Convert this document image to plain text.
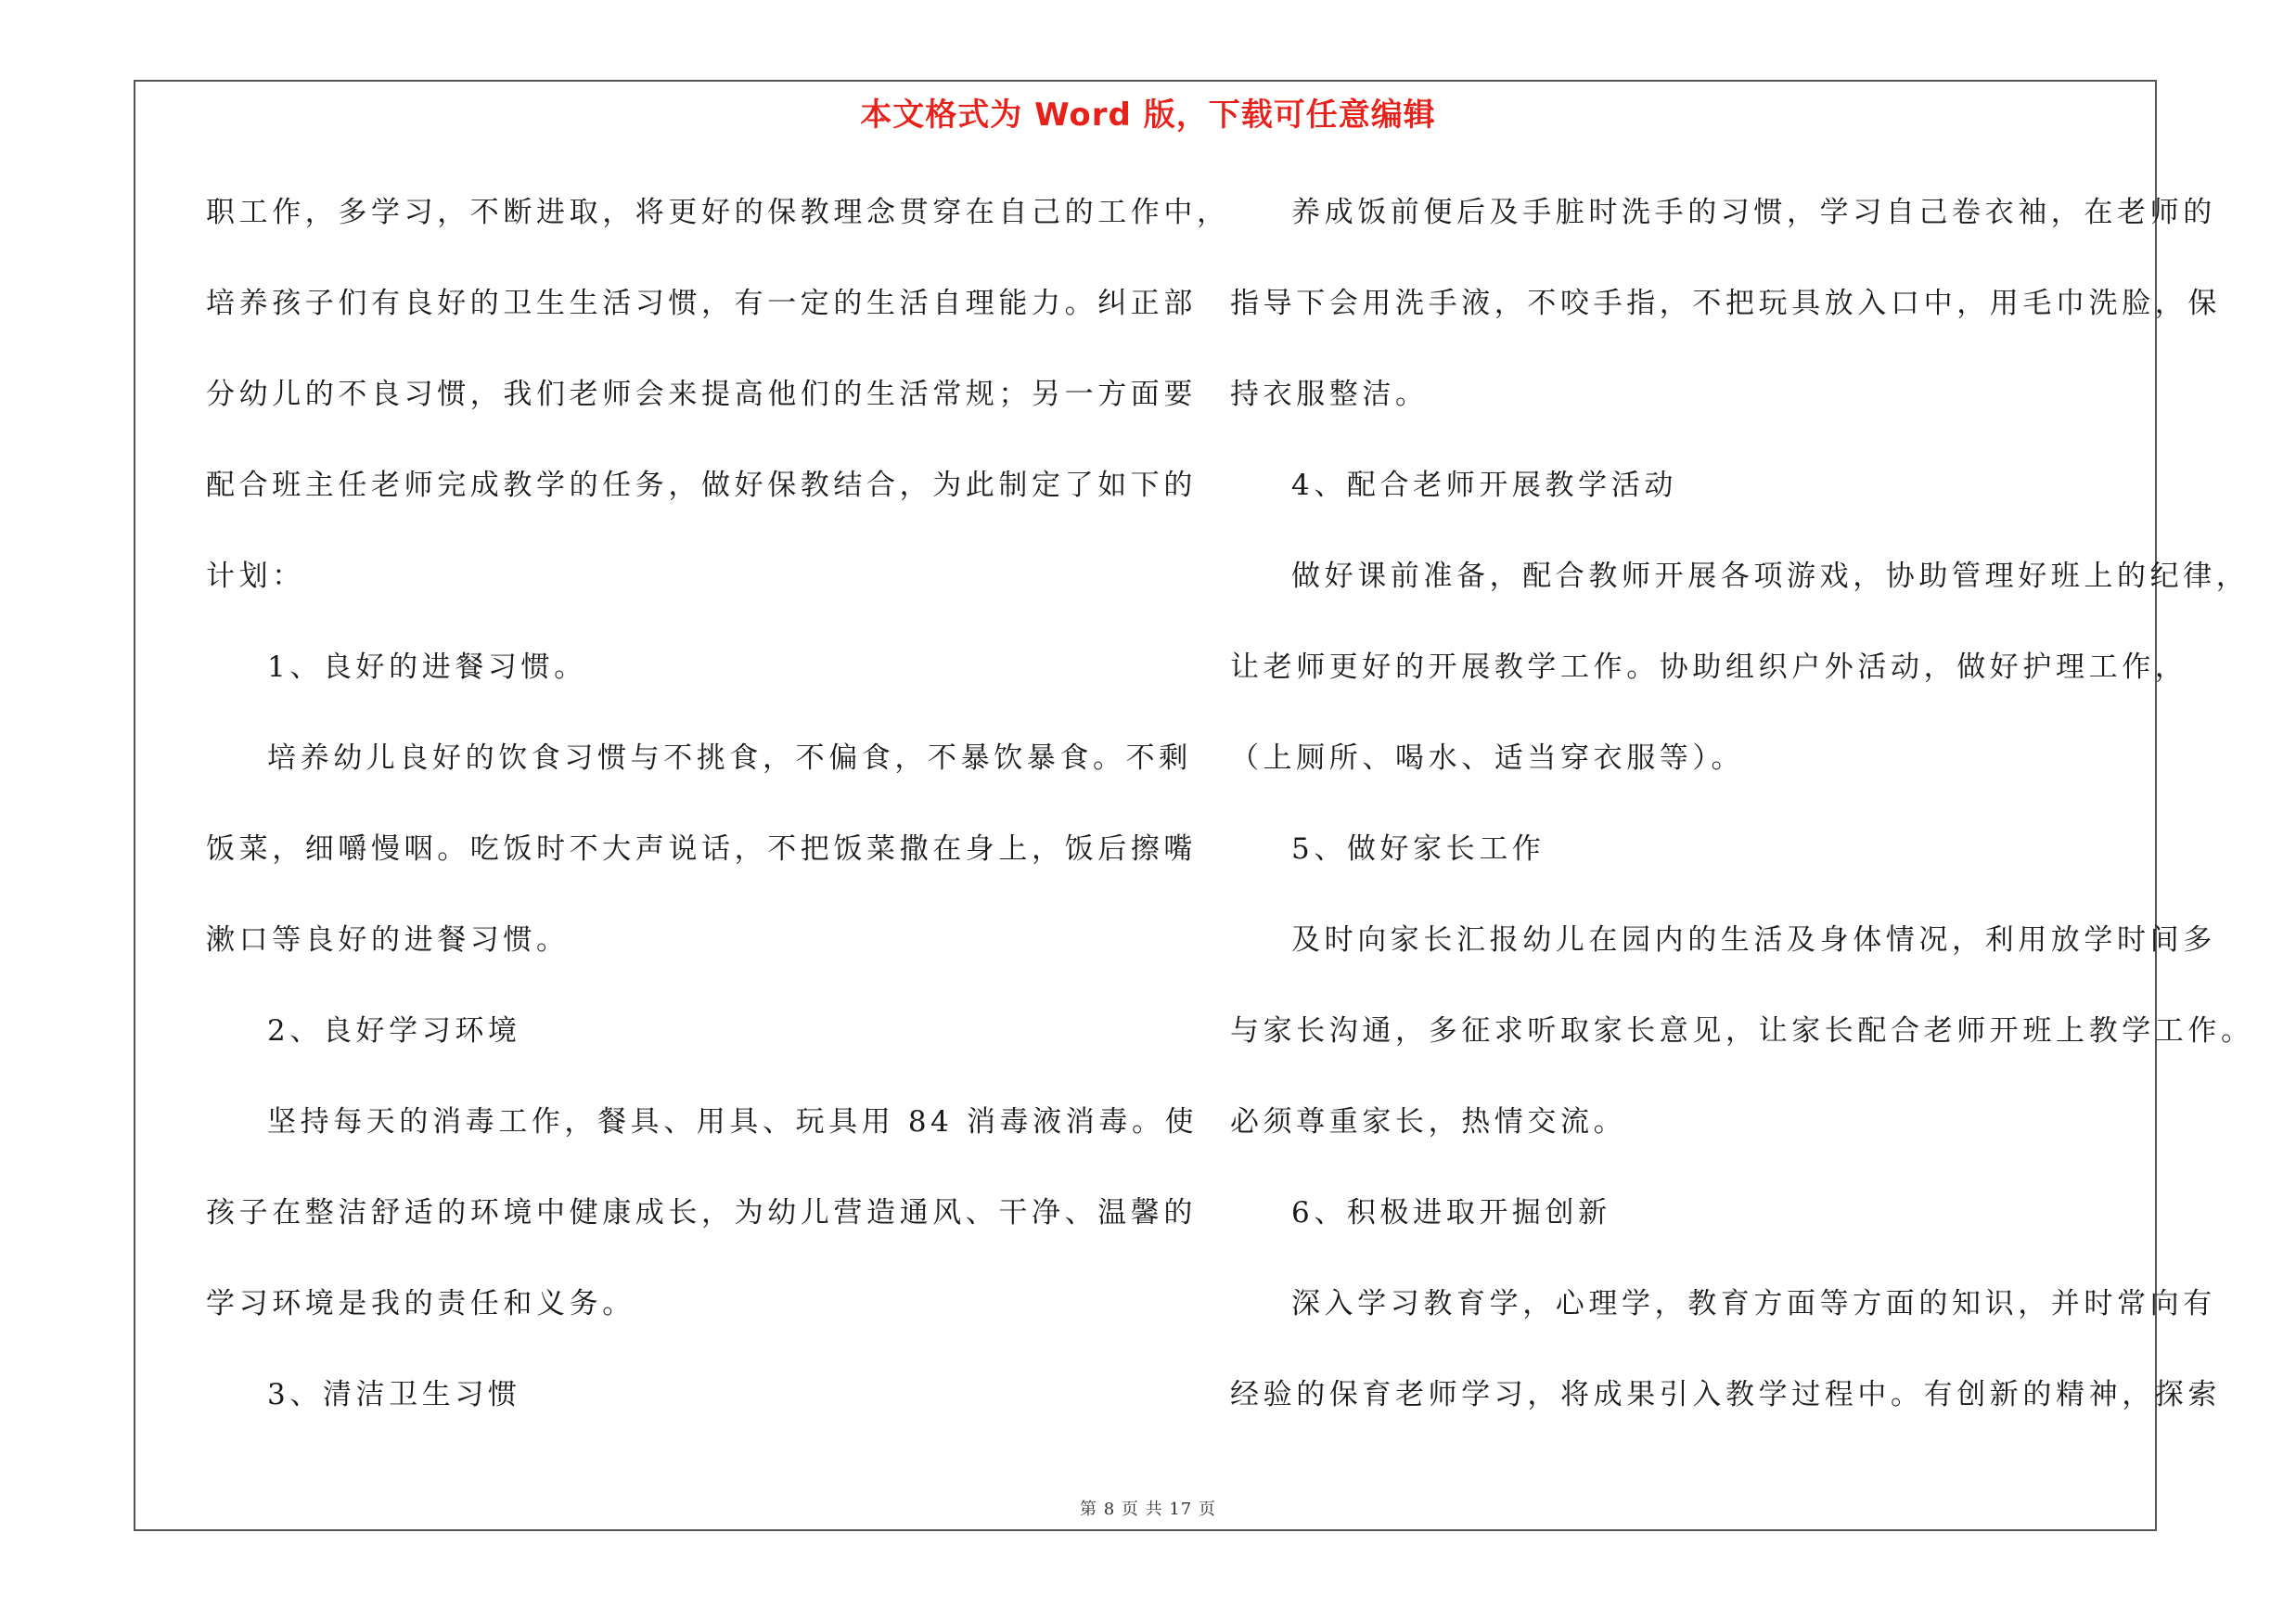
本文格式为 Word 版，下载可任意编辑
职工作，多学习，不断进取，将更好的保教理念贯穿在自己的工作中，
培养孩子们有良好的卫生生活习惯，有一定的生活自理能力。纠正部
分幼儿的不良习惯，我们老师会来提高他们的生活常规；另一方面要
配合班主任老师完成教学的任务，做好保教结合，为此制定了如下的
计划：
1、良好的进餐习惯。
培养幼儿良好的饮食习惯与不挑食，不偏食，不暴饮暴食。不剩
饭菜，细嚼慢咽。吃饭时不大声说话，不把饭菜撒在身上，饭后擦嘴
漱口等良好的进餐习惯。
2、良好学习环境
坚持每天的消毒工作，餐具、用具、玩具用 84 消毒液消毒。使
孩子在整洁舒适的环境中健康成长，为幼儿营造通风、干净、温馨的
学习环境是我的责任和义务。
3、清洁卫生习惯
养成饭前便后及手脏时洗手的习惯，学习自己卷衣袖，在老师的
指导下会用洗手液，不咬手指，不把玩具放入口中，用毛巾洗脸，保
持衣服整洁。
4、配合老师开展教学活动
做好课前准备，配合教师开展各项游戏，协助管理好班上的纪律，
让老师更好的开展教学工作。协助组织户外活动，做好护理工作，
（上厕所、喝水、适当穿衣服等）。
5、做好家长工作
及时向家长汇报幼儿在园内的生活及身体情况，利用放学时间多
与家长沟通，多征求听取家长意见，让家长配合老师开班上教学工作。
必须尊重家长，热情交流。
6、积极进取开掘创新
深入学习教育学，心理学，教育方面等方面的知识，并时常向有
经验的保育老师学习，将成果引入教学过程中。有创新的精神，探索
第 8 页 共 17 页
